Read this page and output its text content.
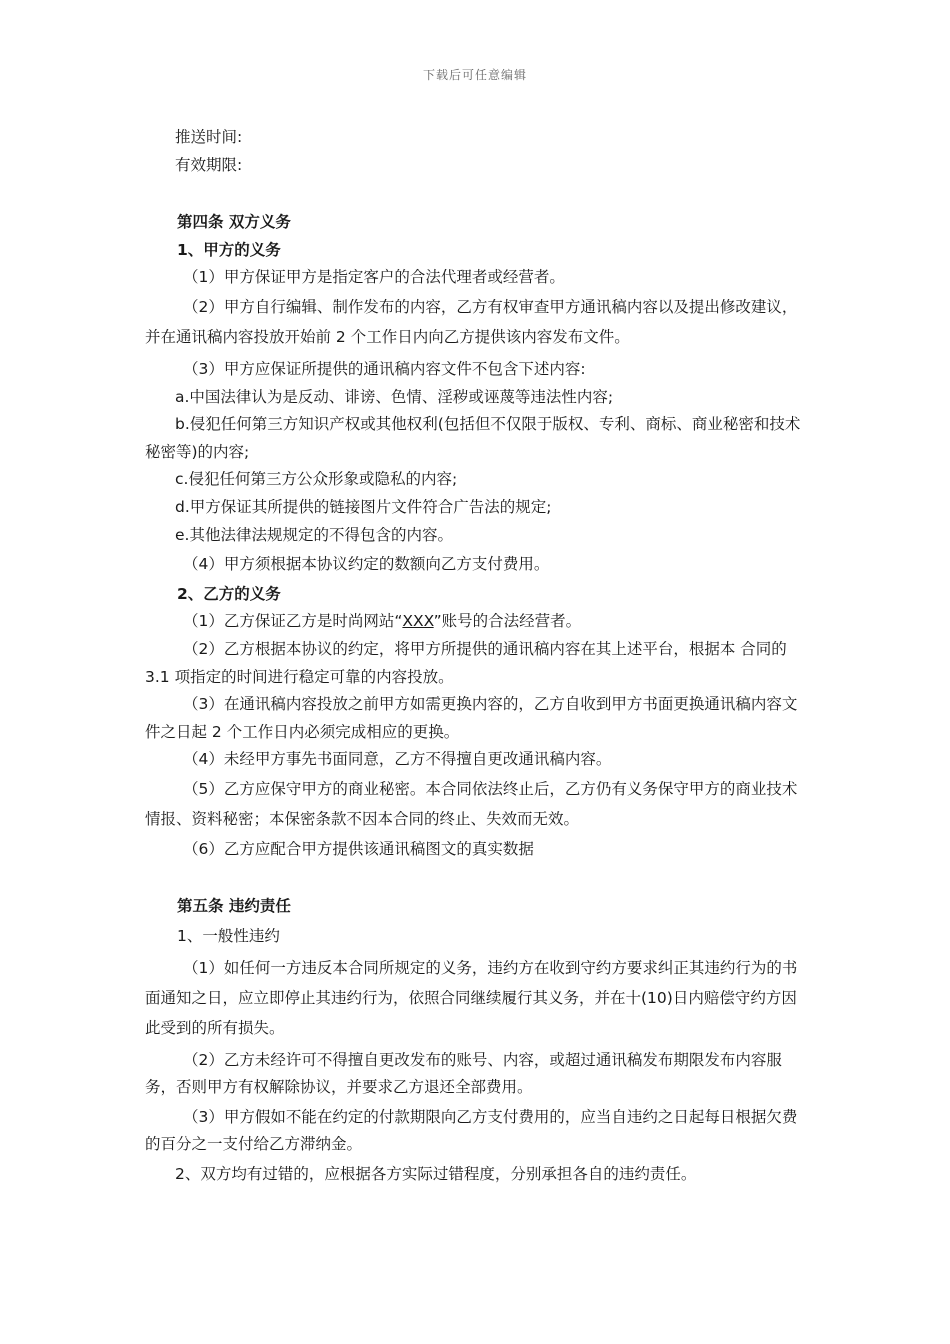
下载后可任意编辑

推送时间:

有效期限:

第四条 双方义务

1、甲方的义务

（1）甲方保证甲方是指定客户的合法代理者或经营者。

（2）甲方自行编辑、制作发布的内容，乙方有权审查甲方通讯稿内容以及提出修改建议，并在通讯稿内容投放开始前 2 个工作日内向乙方提供该内容发布文件。

（3）甲方应保证所提供的通讯稿内容文件不包含下述内容:

a.中国法律认为是反动、诽谤、色情、淫秽或诬蔑等违法性内容;

b.侵犯任何第三方知识产权或其他权利(包括但不仅限于版权、专利、商标、商业秘密和技术秘密等)的内容;

c.侵犯任何第三方公众形象或隐私的内容;

d.甲方保证其所提供的链接图片文件符合广告法的规定;

e.其他法律法规规定的不得包含的内容。

（4）甲方须根据本协议约定的数额向乙方支付费用。

2、乙方的义务

（1）乙方保证乙方是时尚网站“XXX”账号的合法经营者。

（2）乙方根据本协议的约定，将甲方所提供的通讯稿内容在其上述平台，根据本 合同的 3.1 项指定的时间进行稳定可靠的内容投放。

（3）在通讯稿内容投放之前甲方如需更换内容的，乙方自收到甲方书面更换通讯稿内容文件之日起 2 个工作日内必须完成相应的更换。

（4）未经甲方事先书面同意，乙方不得擅自更改通讯稿内容。

（5）乙方应保守甲方的商业秘密。本合同依法终止后，乙方仍有义务保守甲方的商业技术情报、资料秘密；本保密条款不因本合同的终止、失效而无效。

（6）乙方应配合甲方提供该通讯稿图文的真实数据

第五条 违约责任

1、一般性违约

（1）如任何一方违反本合同所规定的义务，违约方在收到守约方要求纠正其违约行为的书面通知之日，应立即停止其违约行为，依照合同继续履行其义务，并在十(10)日内赔偿守约方因此受到的所有损失。

（2）乙方未经许可不得擅自更改发布的账号、内容，或超过通讯稿发布期限发布内容服务，否则甲方有权解除协议，并要求乙方退还全部费用。

（3）甲方假如不能在约定的付款期限向乙方支付费用的，应当自违约之日起每日根据欠费的百分之一支付给乙方滞纳金。

2、双方均有过错的，应根据各方实际过错程度，分别承担各自的违约责任。
